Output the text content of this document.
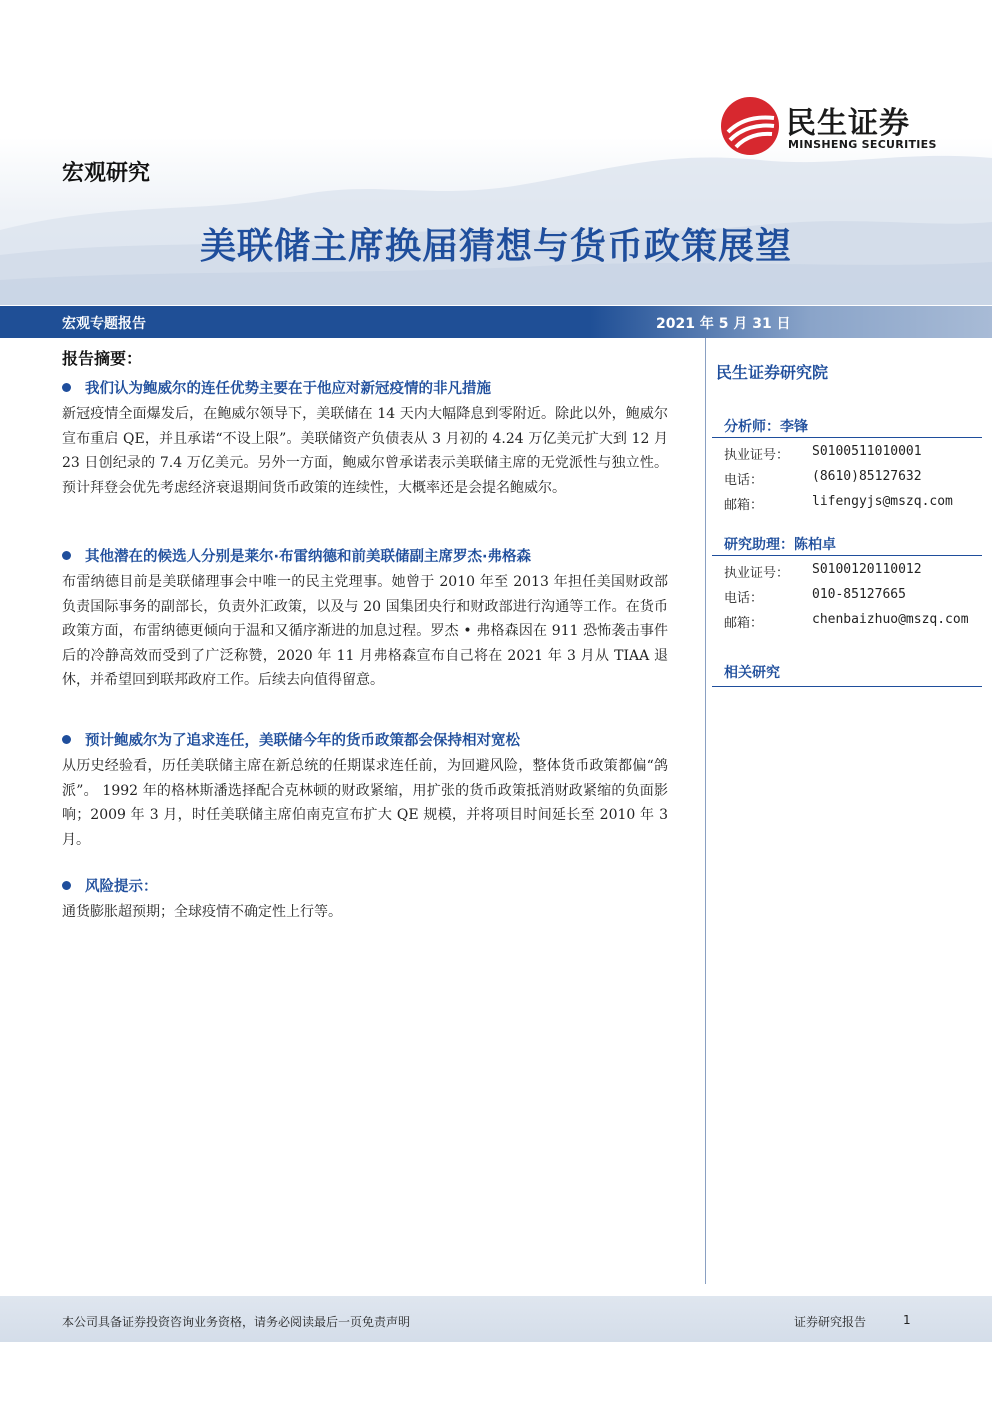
宏观研究
美联储主席换届猜想与货币政策展望
民生证券
MINSHENG SECURITIES
宏观专题报告	2021 年 5 月 31 日
报告摘要：
我们认为鲍威尔的连任优势主要在于他应对新冠疫情的非凡措施

新冠疫情全面爆发后，在鲍威尔领导下，美联储在 14 天内大幅降息到零附近。除此以外，鲍威尔宣布重启 QE，并且承诺“不设上限”。美联储资产负债表从 3 月初的 4.24 万亿美元扩大到 12 月 23 日创纪录的 7.4 万亿美元。另外一方面，鲍威尔曾承诺表示美联储主席的无党派性与独立性。预计拜登会优先考虑经济衰退期间货币政策的连续性，大概率还是会提名鲍威尔。

其他潜在的候选人分别是莱尔·布雷纳德和前美联储副主席罗杰·弗格森

布雷纳德目前是美联储理事会中唯一的民主党理事。她曾于 2010 年至 2013 年担任美国财政部负责国际事务的副部长，负责外汇政策，以及与 20 国集团央行和财政部进行沟通等工作。在货币政策方面，布雷纳德更倾向于温和又循序渐进的加息过程。罗杰 • 弗格森因在 911 恐怖袭击事件后的冷静高效而受到了广泛称赞，2020 年 11 月弗格森宣布自己将在 2021 年 3 月从 TIAA 退休，并希望回到联邦政府工作。后续去向值得留意。

预计鲍威尔为了追求连任，美联储今年的货币政策都会保持相对宽松

从历史经验看，历任美联储主席在新总统的任期谋求连任前，为回避风险，整体货币政策都偏“鸽派”。 1992 年的格林斯潘选择配合克林顿的财政紧缩，用扩张的货币政策抵消财政紧缩的负面影响；2009 年 3 月，时任美联储主席伯南克宣布扩大 QE 规模，并将项目时间延长至 2010 年 3 月。

风险提示：

通货膨胀超预期；全球疫情不确定性上行等。

民生证券研究院
分析师：李锋
执业证号： S0100511010001
电话：	(8610)85127632
邮箱：	lifengyjs@mszq.com
研究助理：陈柏卓
执业证号： S0100120110012
电话：	010-85127665
邮箱：	chenbaizhuo@mszq.com
相关研究
本公司具备证券投资咨询业务资格，请务必阅读最后一页免责声明	证券研究报告	1
